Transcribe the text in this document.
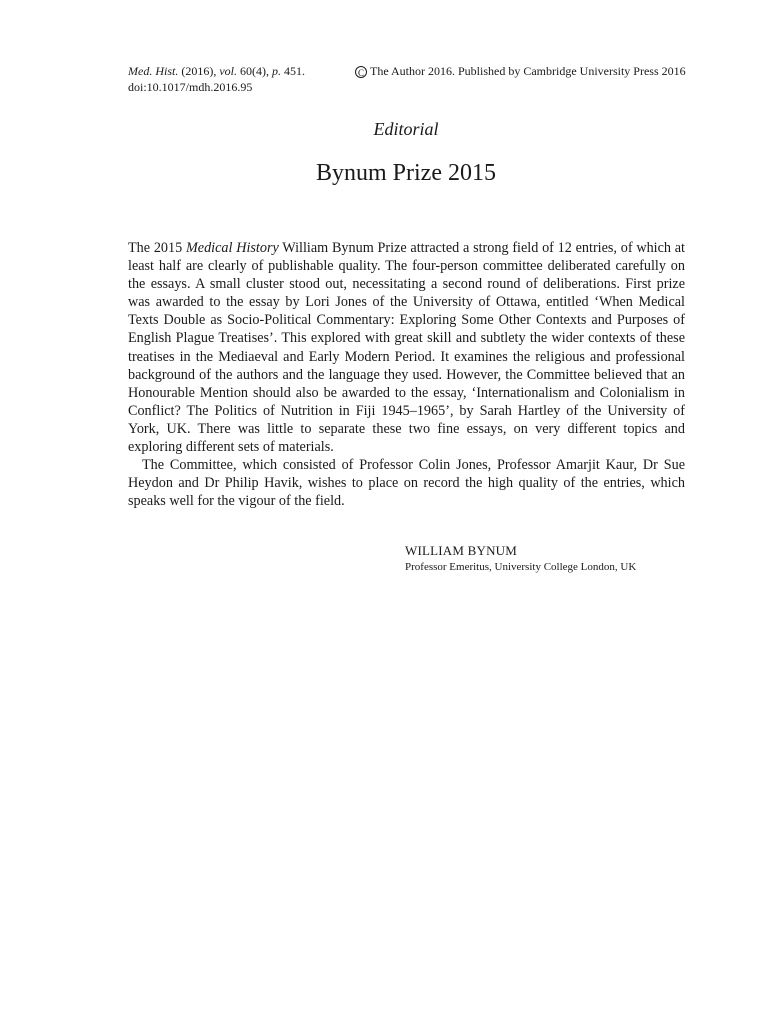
Med. Hist. (2016), vol. 60(4), p. 451.
doi:10.1017/mdh.2016.95
C The Author 2016. Published by Cambridge University Press 2016
Editorial
Bynum Prize 2015

The 2015 Medical History William Bynum Prize attracted a strong field of 12 entries, of which at least half are clearly of publishable quality. The four-person committee deliberated carefully on the essays. A small cluster stood out, necessitating a second round of deliberations. First prize was awarded to the essay by Lori Jones of the University of Ottawa, entitled ‘When Medical Texts Double as Socio-Political Commentary: Exploring Some Other Contexts and Purposes of English Plague Treatises’. This explored with great skill and subtlety the wider contexts of these treatises in the Mediaeval and Early Modern Period. It examines the religious and professional background of the authors and the language they used. However, the Committee believed that an Honourable Mention should also be awarded to the essay, ‘Internationalism and Colonialism in Conflict? The Politics of Nutrition in Fiji 1945–1965’, by Sarah Hartley of the University of York, UK. There was little to separate these two fine essays, on very different topics and exploring different sets of materials.

The Committee, which consisted of Professor Colin Jones, Professor Amarjit Kaur, Dr Sue Heydon and Dr Philip Havik, wishes to place on record the high quality of the entries, which speaks well for the vigour of the field.

WILLIAM BYNUM
Professor Emeritus, University College London, UK
